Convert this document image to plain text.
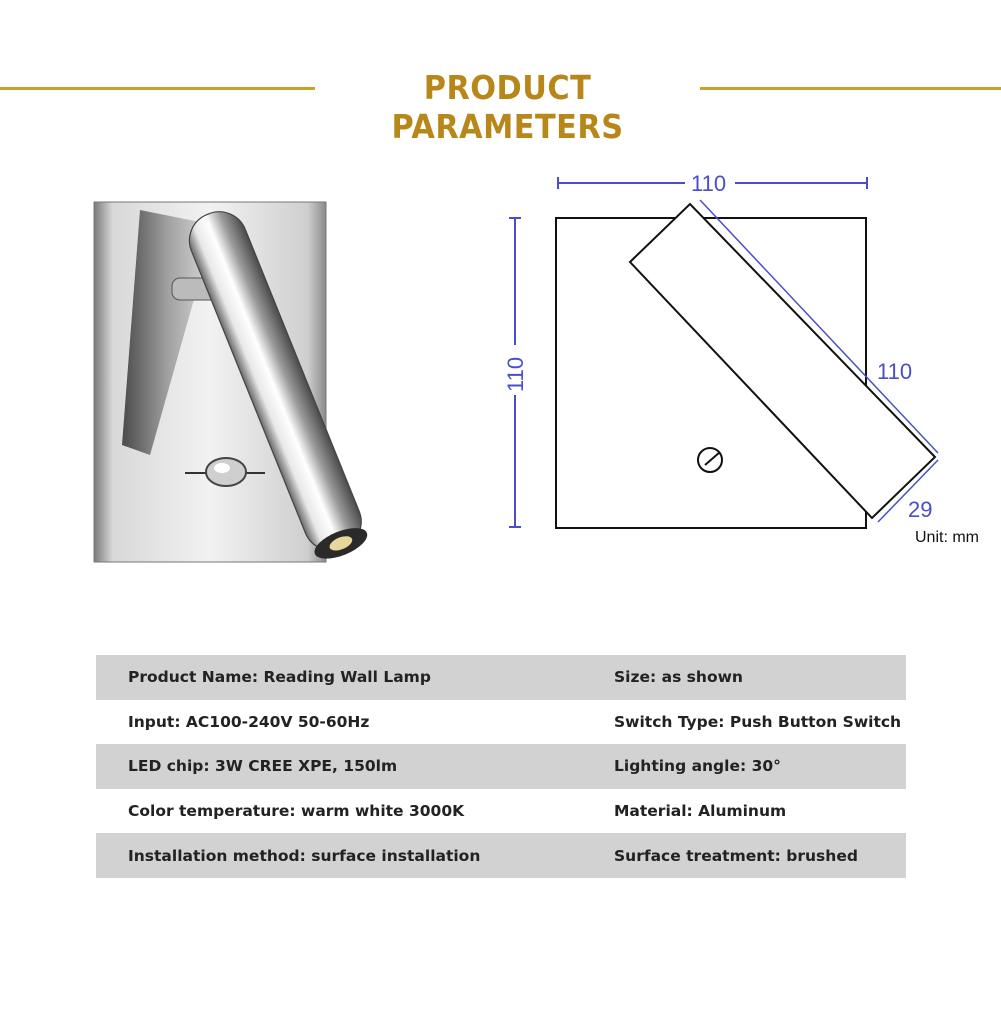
PRODUCT PARAMETERS
110
110	110
29
Unit: mm
Product Name: Reading Wall Lamp	Size: as shown
Input: AC100-240V 50-60Hz	Switch Type: Push Button Switch
LED chip: 3W CREE XPE, 150lm	Lighting angle: 30°
Color temperature: warm white 3000K	Material: Aluminum
Installation method: surface installation	Surface treatment: brushed
